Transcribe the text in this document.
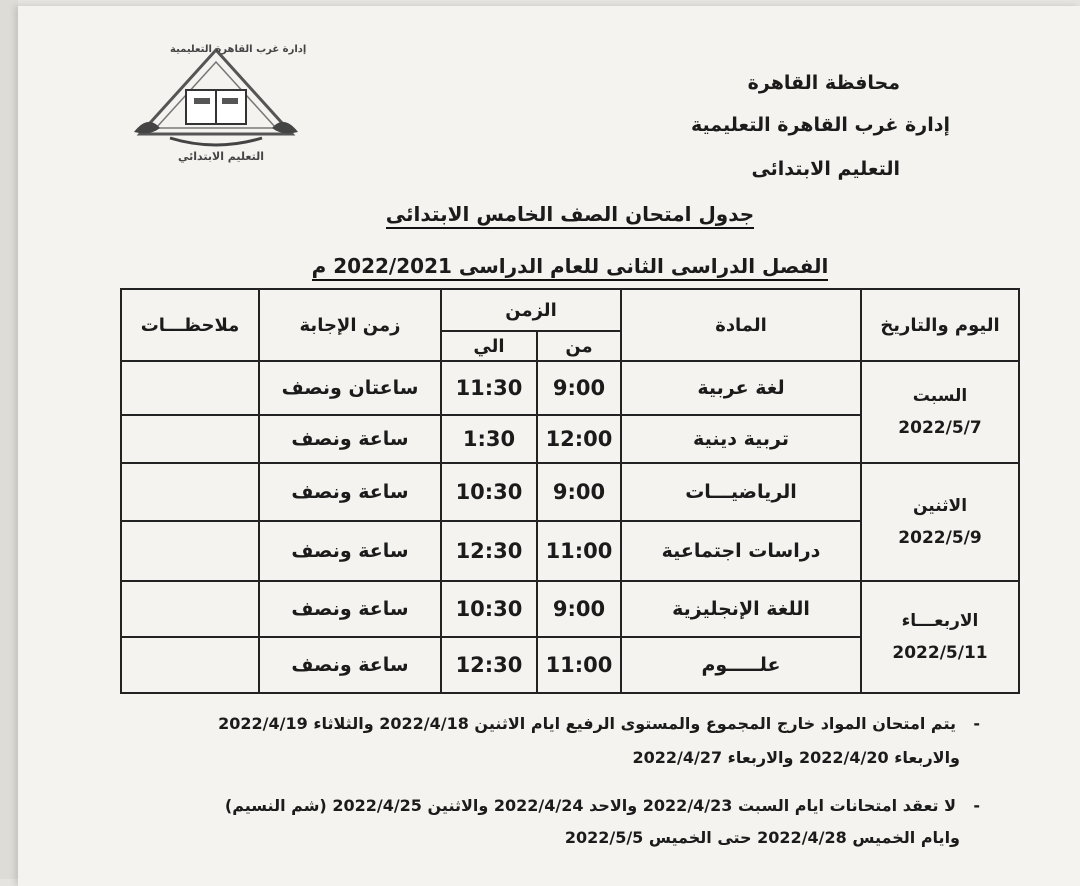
إدارة غرب القاهرة التعليمية
التعليم الابتدائي
محافظة القاهرة
إدارة غرب القاهرة التعليمية
التعليم الابتدائى
جدول امتحان الصف الخامس الابتدائى
الفصل الدراسى الثانى للعام الدراسى 2022/2021 م
اليوم والتاريخ	المادة	الزمن		زمن الإجابة	ملاحظـــات
		من	الي		

السبت
2022/5/7	لغة عربية	9:00	11:30	ساعتان ونصف	
	تربية دينية	12:00	1:30	ساعة ونصف	

الاثنين
2022/5/9	الرياضيـــات	9:00	10:30	ساعة ونصف	
	دراسات اجتماعية	11:00	12:30	ساعة ونصف	

الاربعـــاء
2022/5/11	اللغة الإنجليزية	9:00	10:30	ساعة ونصف	
	علـــــوم	11:00	12:30	ساعة ونصف	
-يتم امتحان المواد خارج المجموع والمستوى الرفيع ايام الاثنين 2022/4/18 والثلاثاء 2022/4/19
والاربعاء 2022/4/20 والاربعاء 2022/4/27
-لا تعقد امتحانات ايام السبت 2022/4/23 والاحد 2022/4/24 والاثنين 2022/4/25 (شم النسيم)
وايام الخميس 2022/4/28 حتى الخميس 2022/5/5
